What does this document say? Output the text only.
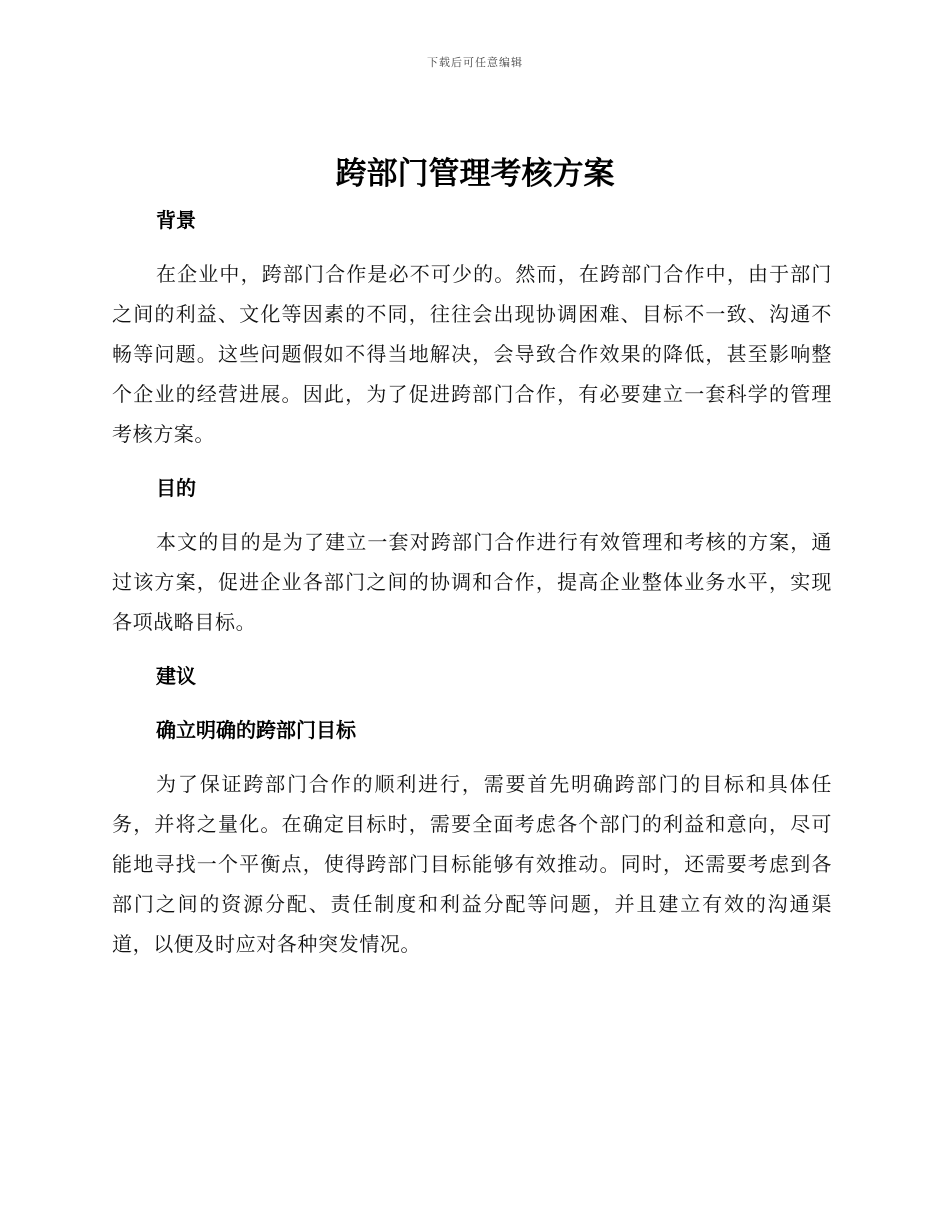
下载后可任意编辑
跨部门管理考核方案
背景

在企业中，跨部门合作是必不可少的。然而，在跨部门合作中，由于部门之间的利益、文化等因素的不同，往往会出现协调困难、目标不一致、沟通不畅等问题。这些问题假如不得当地解决，会导致合作效果的降低，甚至影响整个企业的经营进展。因此，为了促进跨部门合作，有必要建立一套科学的管理考核方案。

目的

本文的目的是为了建立一套对跨部门合作进行有效管理和考核的方案，通过该方案，促进企业各部门之间的协调和合作，提高企业整体业务水平，实现各项战略目标。

建议
确立明确的跨部门目标

为了保证跨部门合作的顺利进行，需要首先明确跨部门的目标和具体任务，并将之量化。在确定目标时，需要全面考虑各个部门的利益和意向，尽可能地寻找一个平衡点，使得跨部门目标能够有效推动。同时，还需要考虑到各部门之间的资源分配、责任制度和利益分配等问题，并且建立有效的沟通渠道，以便及时应对各种突发情况。
